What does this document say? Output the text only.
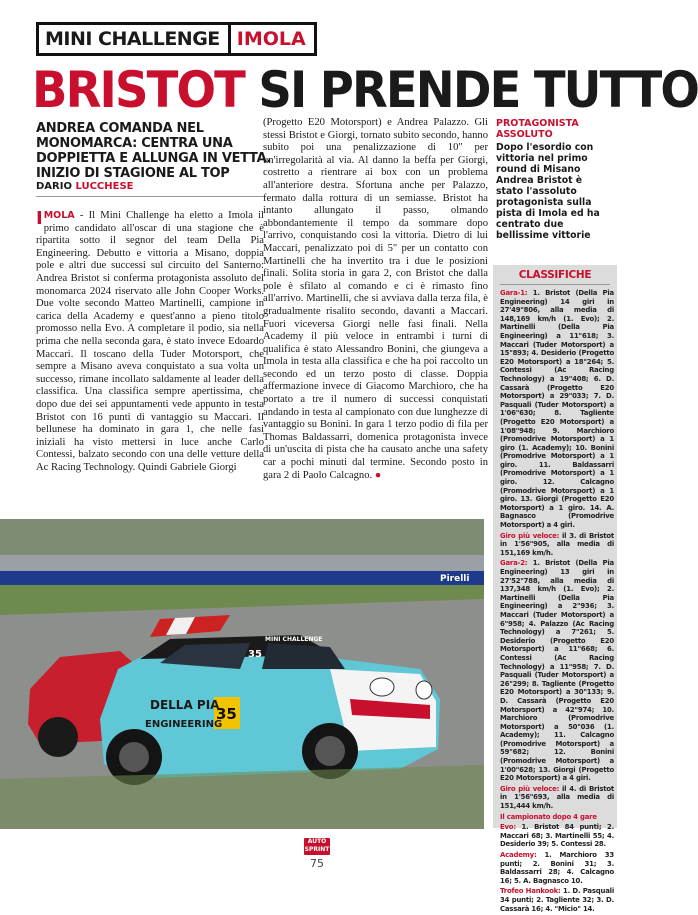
MINI CHALLENGE IMOLA
BRISTOT SI PRENDE TUTTO
ANDREA COMANDA NEL MONOMARCA: CENTRA UNA DOPPIETTA E ALLUNGA IN VETTA. INIZIO DI STAGIONE AL TOP
DARIO LUCCHESE
IMOLA - Il Mini Challenge ha eletto a Imola il primo candidato all'oscar di una stagione che è ripartita sotto il segnor del team Della Pia Engineering. Debutto e vittoria a Misano, doppia pole e altri due successi sul circuito del Santerno: Andrea Bristot si conferma protagonista assoluto del monomarca 2024 riservato alle John Cooper Works. Due volte secondo Matteo Martinelli, campione in carica della Academy e quest'anno a pieno titolo promosso nella Evo. A completare il podio, sia nella prima che nella seconda gara, è stato invece Edoardo Maccari. Il toscano della Tuder Motorsport, che sempre a Misano aveva conquistato a sua volta un successo, rimane incollato saldamente al leader della classifica. Una classifica sempre apertissima, che dopo due dei sei appuntamenti vede appunto in testa Bristot con 16 punti di vantaggio su Maccari. Il bellunese ha dominato in gara 1, che nelle fasi iniziali ha visto mettersi in luce anche Carlo Contessi, balzato secondo con una delle vetture della Ac Racing Technology. Quindi Gabriele Giorgi
(Progetto E20 Motorsport) e Andrea Palazzo. Gli stessi Bristot e Giorgi, tornato subito secondo, hanno subito poi una penalizzazione di 10" per un'irregolarità al via. Al danno la beffa per Giorgi, costretto a rientrare ai box con un problema all'anteriore destra. Sfortuna anche per Palazzo, fermato dalla rottura di un semiasse. Bristot ha intanto allungato il passo, olmando abbondantemente il tempo da sommare dopo l'arrivo, conquistando così la vittoria. Dietro di lui Maccari, penalizzato poi di 5" per un contatto con Martinelli che ha invertito tra i due le posizioni finali. Solita storia in gara 2, con Bristot che dalla pole è sfilato al comando e ci è rimasto fino all'arrivo. Martinelli, che si avviava dalla terza fila, è gradualmente risalito secondo, davanti a Maccari. Fuori viceversa Giorgi nelle fasi finali. Nella Academy il più veloce in entrambi i turni di qualifica è stato Alessandro Bonini, che giungeva a Imola in testa alla classifica e che ha poi raccolto un secondo ed un terzo posto di classe. Doppia affermazione invece di Giacomo Marchiorо, che ha portato a tre il numero di successi conquistati andando in testa al campionato con due lunghezze di vantaggio su Bonini. In gara 1 terzo podio di fila per Thomas Baldassarri, domenica protagonista invece di un'uscita di pista che ha causato anche una safety car a pochi minuti dal termine. Secondo posto in gara 2 di Paolo Calcagno. ●
PROTAGONISTA ASSOLUTO
Dopo l'esordio con vittoria nel primo round di Misano Andrea Bristot è stato l'assoluto protagonista sulla pista di Imola ed ha centrato due bellissime vittorie
CLASSIFICHE

Gara-1: 1. Bristot (Della Pia Engineering) 14 giri in 27'49"806, alla media di 148,169 km/h (1. Evo); 2. Martinelli (Della Pia Engineering) a 11"618; 3. Maccari (Tuder Motorsport) a 15"893; 4. Desiderio (Progetto E20 Motorsport) a 18"264; 5. Contessi (Ac Racing Technology) a 19"408; 6. D. Cassarà (Progetto E20 Motorsport) a 29"033; 7. D. Pasquali (Tuder Motorsport) a 1'06"630; 8. Tagliente (Progetto E20 Motorsport) a 1'08"948; 9. Marchioro (Promodrive Motorsport) a 1 giro (1. Academy); 10. Bonini (Promodrive Motorsport) a 1 giro. 11. Baldassarri (Promodrive Motorsport) a 1 giro. 12. Calcagno (Promodrive Motorsport) a 1 giro. 13. Giorgi (Progetto E20 Motorsport) a 1 giro. 14. A. Bagnasco (Promodrive Motorsport) a 4 giri.

Giro più veloce: il 3. di Bristot in 1'56"905, alla media di 151,169 km/h.

Gara-2: 1. Bristot (Della Pia Engineering) 13 giri in 27'52"788, alla media di 137,348 km/h (1. Evo); 2. Martinelli (Della Pia Engineering) a 2"936; 3. Maccari (Tuder Motorsport) a 6"958; 4. Palazzo (Ac Racing Technology) a 7"261; 5. Desiderio (Progetto E20 Motorsport) a 11"668; 6. Contessi (Ac Racing Technology) a 11"958; 7. D. Pasquali (Tuder Motorsport) a 26"299; 8. Tagliente (Progetto E20 Motorsport) a 30"133; 9. D. Cassarà (Progetto E20 Motorsport) a 42"974; 10. Marchioro (Promodrive Motorsport) a 50"036 (1. Academy); 11. Calcagno (Promodrive Motorsport) a 59"682; 12. Bonini (Promodrive Motorsport) a 1'00"628; 13. Giorgi (Progetto E20 Motorsport) a 4 giri.

Giro più veloce: il 4. di Bristot in 1'56"693, alla media di 151,444 km/h.

Il campionato dopo 4 gare

Evo: 1. Bristot 84 punti; 2. Maccari 68; 3. Martinelli 55; 4. Desiderio 39; 5. Contessi 28.

Academy: 1. Marchioro 33 punti; 2. Bonini 31; 3. Baldassarri 28; 4. Calcagno 16; 5. A. Bagnasco 10.

Trofeo Hankook: 1. D. Pasquali 34 punti; 2. Tagliente 32; 3. D. Cassarà 16; 4. "Micio" 14.

Pirelli
MINI CHALLENGE
35
35
DELLA PIA
ENGINEERING
AUTO
SPRINT
75
